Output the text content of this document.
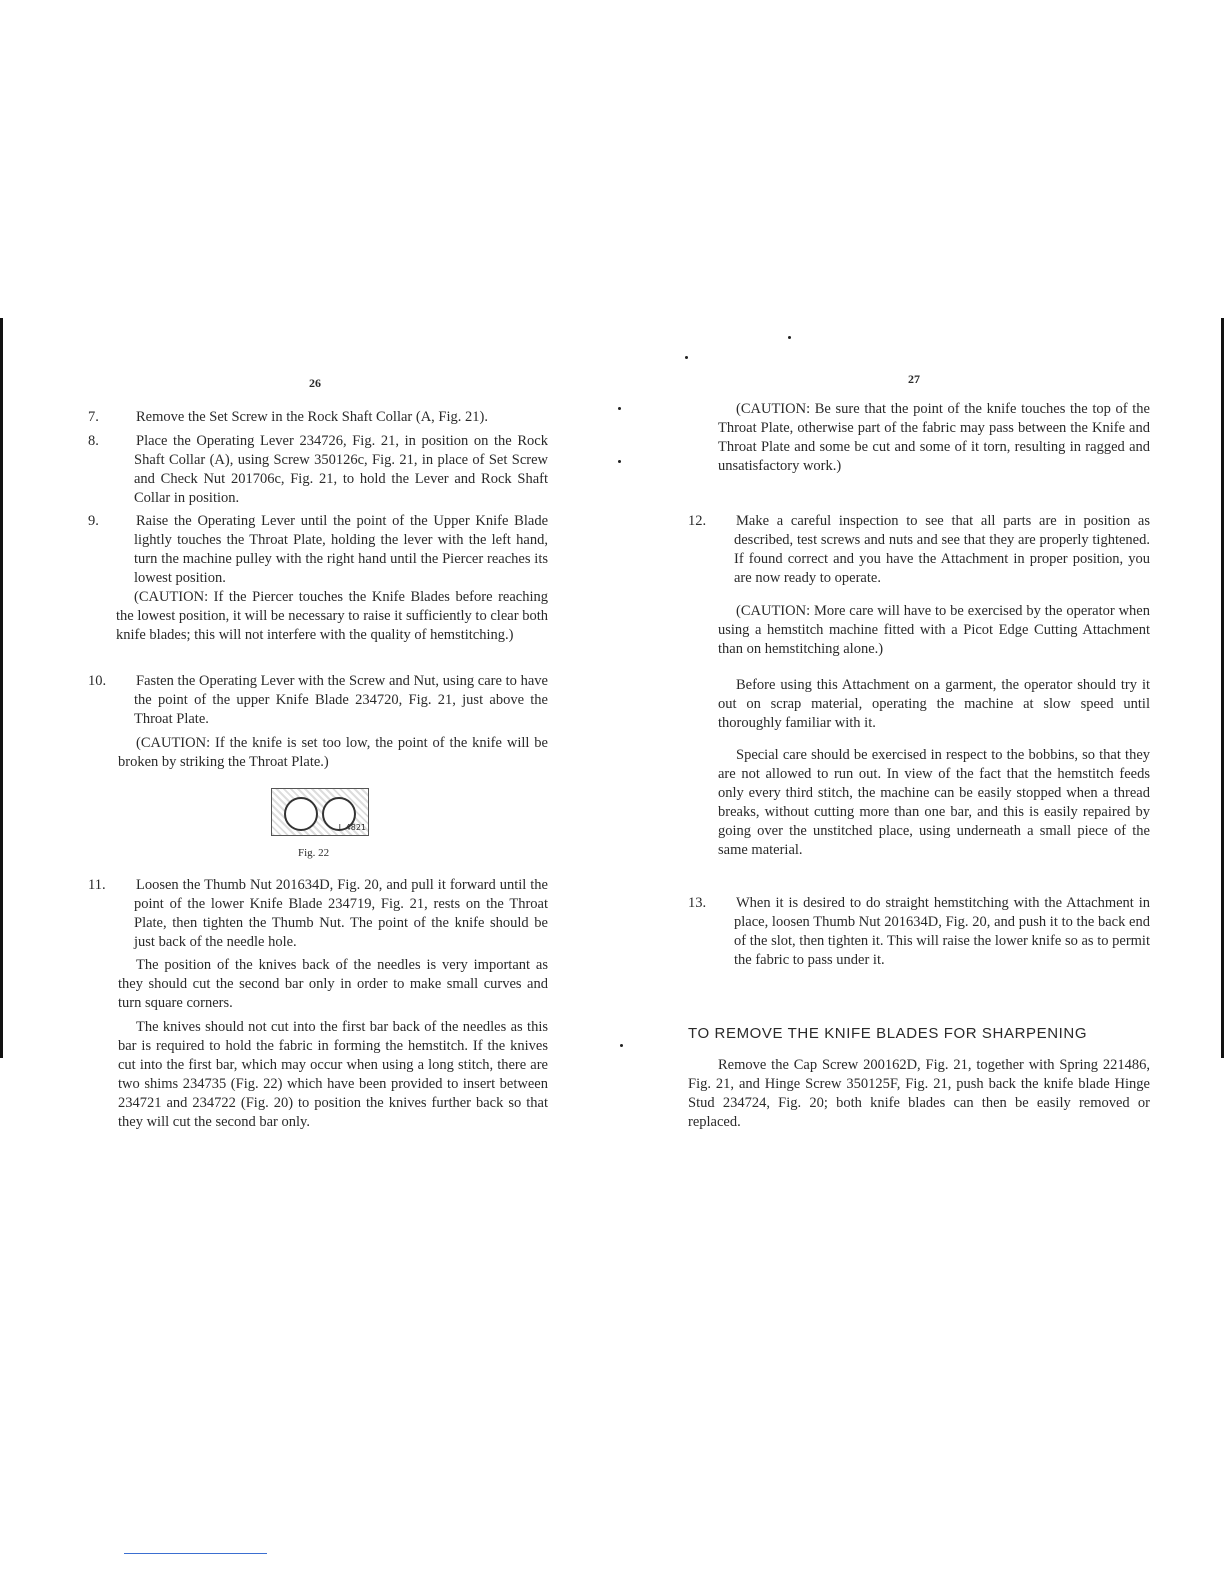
26	27
7.	Remove the Set Screw in the Rock Shaft Collar (A, Fig. 21).
8.	Place the Operating Lever 234726, Fig. 21, in position on the Rock Shaft Collar (A), using Screw 350126c, Fig. 21, in place of Set Screw and Check Nut 201706c, Fig. 21, to hold the Lever and Rock Shaft Collar in position.
9.	Raise the Operating Lever until the point of the Upper Knife Blade lightly touches the Throat Plate, holding the lever with the left hand, turn the machine pulley with the right hand until the Piercer reaches its lowest position.

(CAUTION: If the Piercer touches the Knife Blades before reaching the lowest position, it will be necessary to raise it sufficiently to clear both knife blades; this will not interfere with the quality of hemstitching.)

10. Fasten the Operating Lever with the Screw and Nut, using care to have the point of the upper Knife Blade 234720, Fig. 21, just above the Throat Plate.

(CAUTION: If the knife is set too low, the point of the knife will be broken by striking the Throat Plate.)

L 4821
Fig. 22
11. Loosen the Thumb Nut 201634D, Fig. 20, and pull it forward until the point of the lower Knife Blade 234719, Fig. 21, rests on the Throat Plate, then tighten the Thumb Nut. The point of the knife should be just back of the needle hole.

The position of the knives back of the needles is very important as they should cut the second bar only in order to make small curves and turn square corners.

The knives should not cut into the first bar back of the needles as this bar is required to hold the fabric in forming the hemstitch. If the knives cut into the first bar, which may occur when using a long stitch, there are two shims 234735 (Fig. 22) which have been provided to insert between 234721 and 234722 (Fig. 20) to position the knives further back so that they will cut the second bar only.

(CAUTION: Be sure that the point of the knife touches the top of the Throat Plate, otherwise part of the fabric may pass between the Knife and Throat Plate and some be cut and some of it torn, resulting in ragged and unsatisfactory work.)

12. Make a careful inspection to see that all parts are in position as described, test screws and nuts and see that they are properly tightened. If found correct and you have the Attachment in proper position, you are now ready to operate.

(CAUTION: More care will have to be exercised by the operator when using a hemstitch machine fitted with a Picot Edge Cutting Attachment than on hemstitching alone.)

Before using this Attachment on a garment, the operator should try it out on scrap material, operating the machine at slow speed until thoroughly familiar with it.

Special care should be exercised in respect to the bobbins, so that they are not allowed to run out. In view of the fact that the hemstitch feeds only every third stitch, the machine can be easily stopped when a thread breaks, without cutting more than one bar, and this is easily repaired by going over the unstitched place, using underneath a small piece of the same material.

13. When it is desired to do straight hemstitching with the Attachment in place, loosen Thumb Nut 201634D, Fig. 20, and push it to the back end of the slot, then tighten it. This will raise the lower knife so as to permit the fabric to pass under it.
TO REMOVE THE KNIFE BLADES FOR SHARPENING

Remove the Cap Screw 200162D, Fig. 21, together with Spring 221486, Fig. 21, and Hinge Screw 350125F, Fig. 21, push back the knife blade Hinge Stud 234724, Fig. 20; both knife blades can then be easily removed or replaced.
